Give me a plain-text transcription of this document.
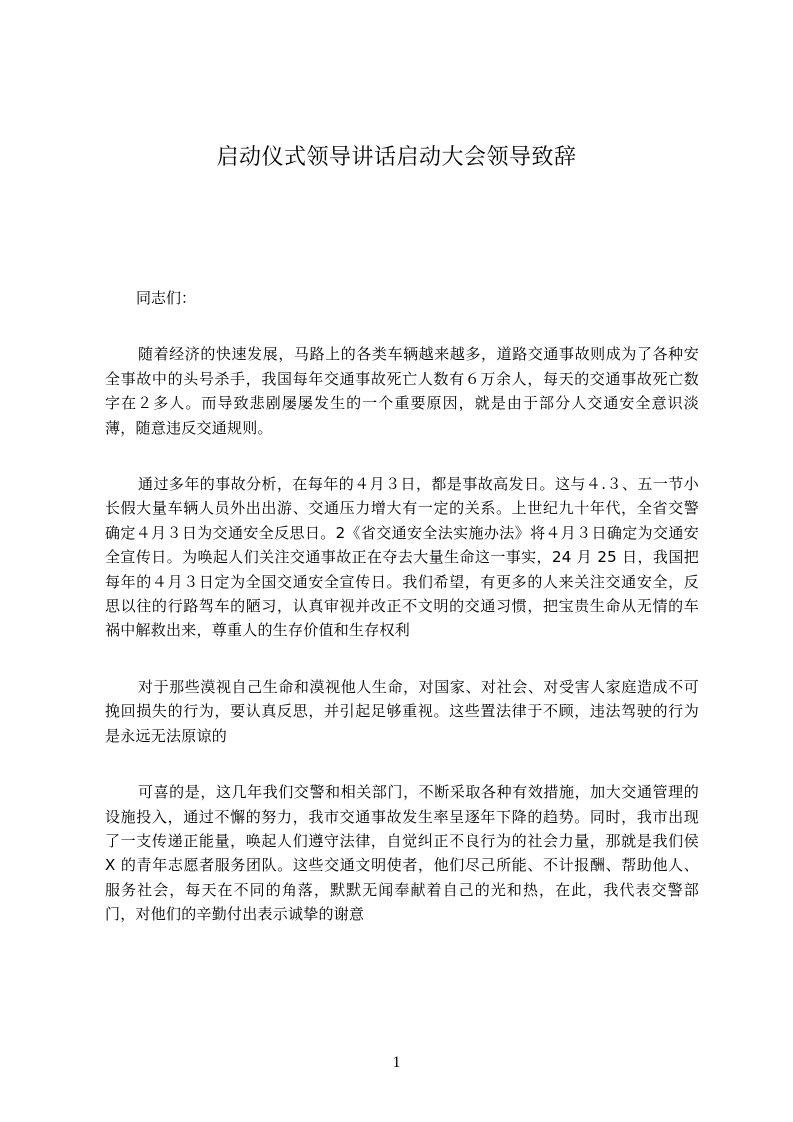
启动仪式领导讲话启动大会领导致辞

同志们：

随着经济的快速发展，马路上的各类车辆越来越多，道路交通事故则成为了各种安全事故中的头号杀手，我国每年交通事故死亡人数有６万余人，每天的交通事故死亡数字在２多人。而导致悲剧屡屡发生的一个重要原因，就是由于部分人交通安全意识淡薄，随意违反交通规则。

通过多年的事故分析，在每年的４月３日，都是事故高发日。这与４.３、五一节小长假大量车辆人员外出出游、交通压力增大有一定的关系。上世纪九十年代，全省交警确定４月３日为交通安全反思日。2《省交通安全法实施办法》将４月３日确定为交通安全宣传日。为唤起人们关注交通事故正在夺去大量生命这一事实，24 月 25 日，我国把每年的４月３日定为全国交通安全宣传日。我们希望，有更多的人来关注交通安全，反思以往的行路驾车的陋习，认真审视并改正不文明的交通习惯，把宝贵生命从无情的车祸中解救出来，尊重人的生存价值和生存权利

对于那些漠视自己生命和漠视他人生命，对国家、对社会、对受害人家庭造成不可挽回损失的行为，要认真反思，并引起足够重视。这些置法律于不顾，违法驾驶的行为是永远无法原谅的

可喜的是，这几年我们交警和相关部门，不断采取各种有效措施，加大交通管理的设施投入，通过不懈的努力，我市交通事故发生率呈逐年下降的趋势。同时，我市出现了一支传递正能量，唤起人们遵守法律，自觉纠正不良行为的社会力量，那就是我们侯 X 的青年志愿者服务团队。这些交通文明使者，他们尽己所能、不计报酬、帮助他人、服务社会，每天在不同的角落，默默无闻奉献着自己的光和热，在此，我代表交警部门，对他们的辛勤付出表示诚挚的谢意

1
